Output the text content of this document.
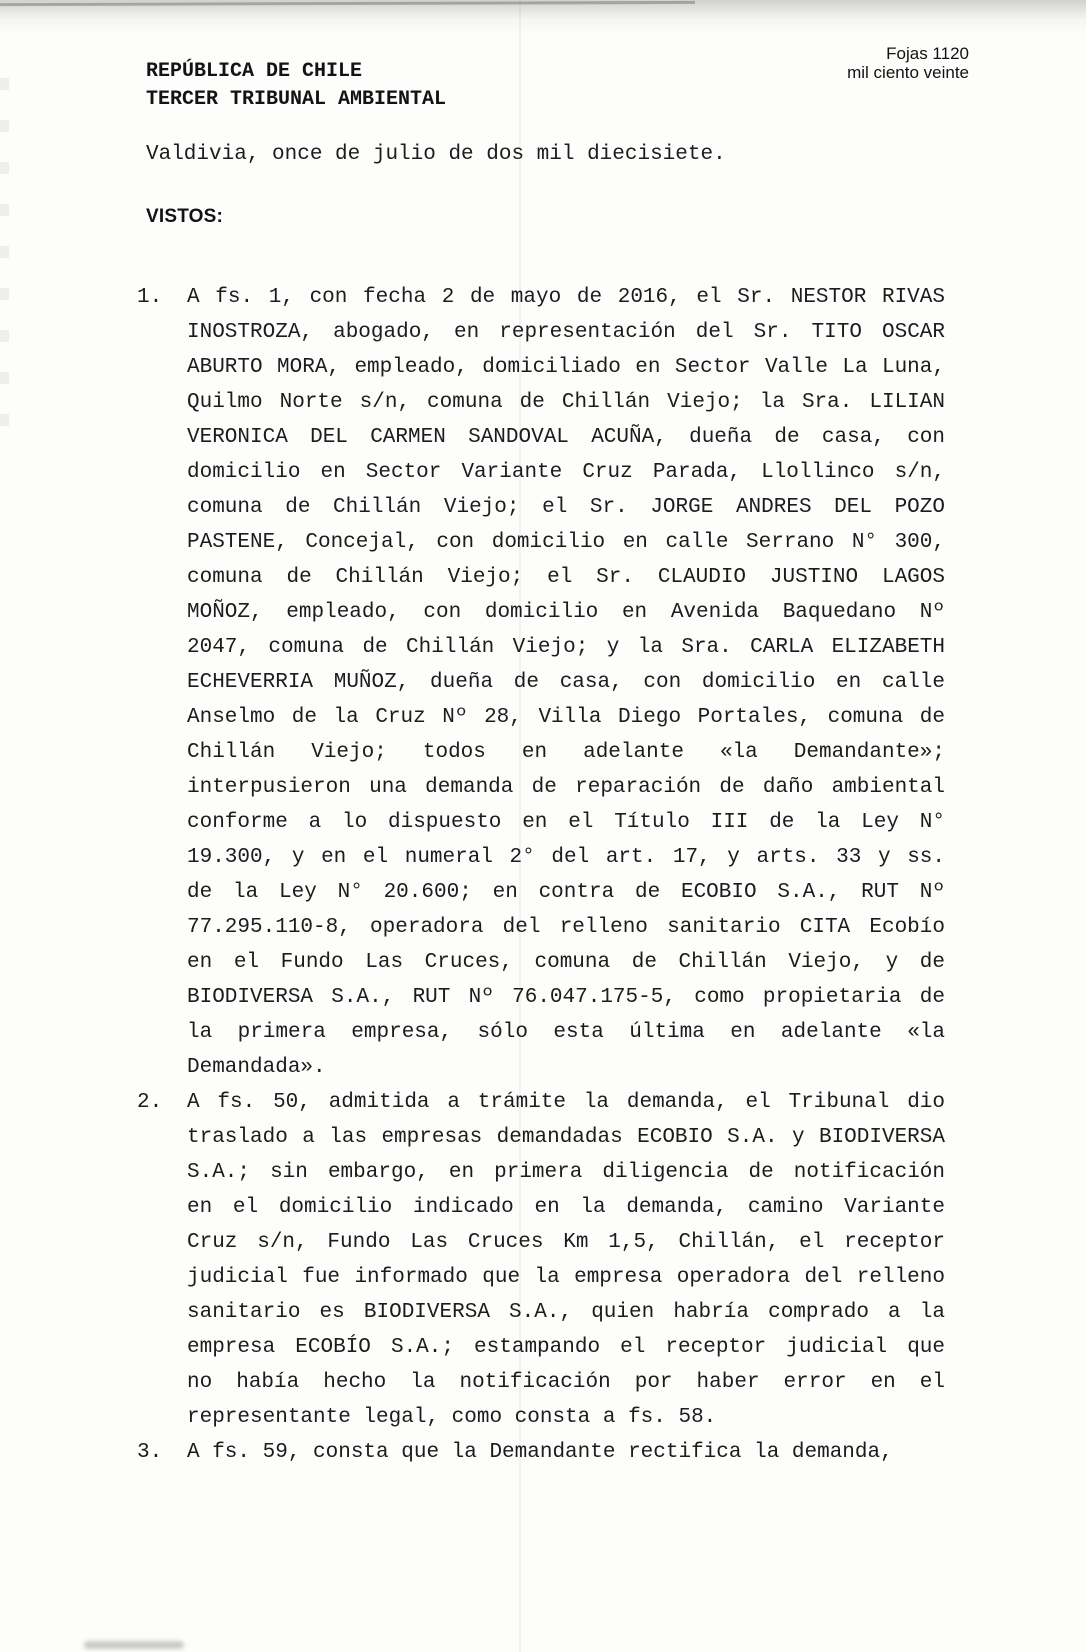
Fojas 1120
mil ciento veinte
REPÚBLICA DE CHILE
TERCER TRIBUNAL AMBIENTAL
Valdivia, once de julio de dos mil diecisiete.
VISTOS:
1.	A fs. 1, con fecha 2 de mayo de 2016, el Sr. NESTOR RIVAS
INOSTROZA, abogado, en representación del Sr. TITO OSCAR
ABURTO MORA, empleado, domiciliado en Sector Valle La Luna,
Quilmo Norte s/n, comuna de Chillán Viejo; la Sra. LILIAN
VERONICA DEL CARMEN SANDOVAL ACUÑA, dueña de casa, con
domicilio en Sector Variante Cruz Parada, Llollinco s/n,
comuna de Chillán Viejo; el Sr. JORGE ANDRES DEL POZO
PASTENE, Concejal, con domicilio en calle Serrano N° 300,
comuna de Chillán Viejo; el Sr. CLAUDIO JUSTINO LAGOS
MOÑOZ, empleado, con domicilio en Avenida Baquedano Nº
2047, comuna de Chillán Viejo; y la Sra. CARLA ELIZABETH
ECHEVERRIA MUÑOZ, dueña de casa, con domicilio en calle
Anselmo de la Cruz Nº 28, Villa Diego Portales, comuna de
Chillán Viejo; todos en adelante «la Demandante»;
interpusieron una demanda de reparación de daño ambiental
conforme a lo dispuesto en el Título III de la Ley N°
19.300, y en el numeral 2° del art. 17, y arts. 33 y ss.
de la Ley N° 20.600; en contra de ECOBIO S.A., RUT Nº
77.295.110-8, operadora del relleno sanitario CITA Ecobío
en el Fundo Las Cruces, comuna de Chillán Viejo, y de
BIODIVERSA S.A., RUT Nº 76.047.175-5, como propietaria de
la primera empresa, sólo esta última en adelante «la
Demandada».
2.	A fs. 50, admitida a trámite la demanda, el Tribunal dio
traslado a las empresas demandadas ECOBIO S.A. y BIODIVERSA
S.A.; sin embargo, en primera diligencia de notificación
en el domicilio indicado en la demanda, camino Variante
Cruz s/n, Fundo Las Cruces Km 1,5, Chillán, el receptor
judicial fue informado que la empresa operadora del relleno
sanitario es BIODIVERSA S.A., quien habría comprado a la
empresa ECOBÍO S.A.; estampando el receptor judicial que
no había hecho la notificación por haber error en el
representante legal, como consta a fs. 58.
3.	A fs. 59, consta que la Demandante rectifica la demanda,
